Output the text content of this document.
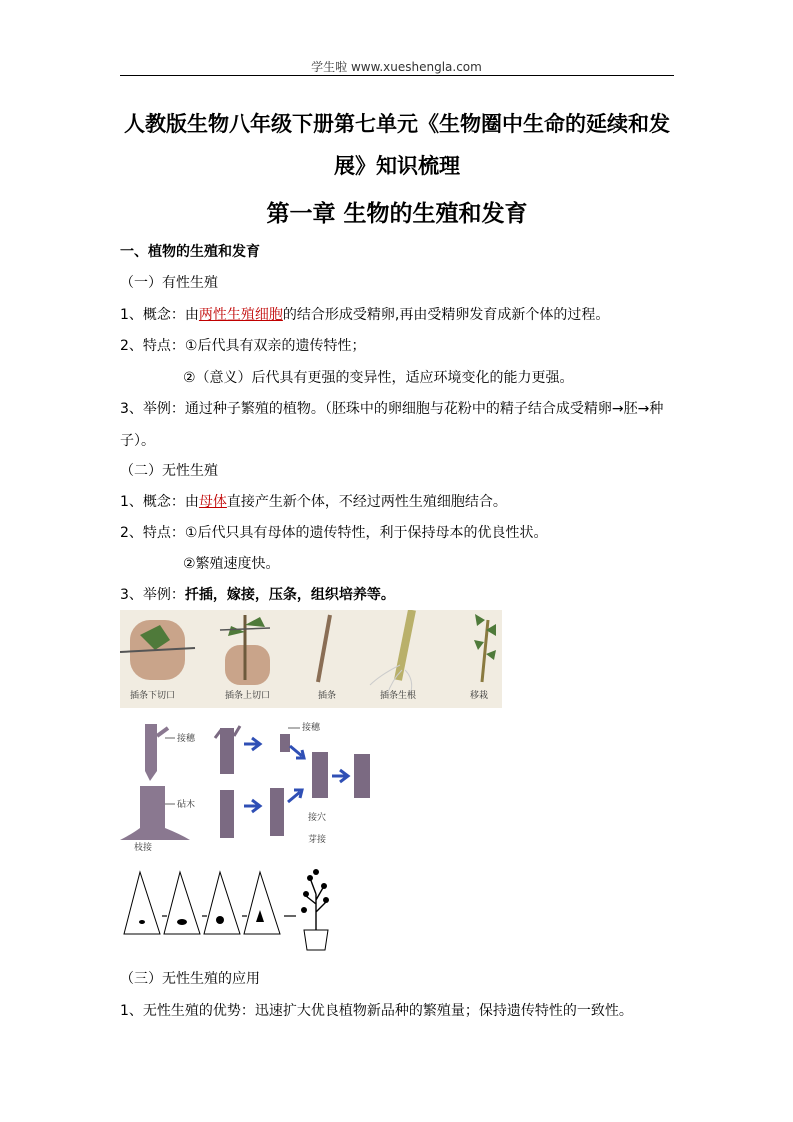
学生啦 www.xueshengla.com
人教版生物八年级下册第七单元《生物圈中生命的延续和发
展》知识梳理
第一章 生物的生殖和发育
一、植物的生殖和发育
（一）有性生殖
1、概念：由两性生殖细胞的结合形成受精卵,再由受精卵发育成新个体的过程。
2、特点：①后代具有双亲的遗传特性；
②（意义）后代具有更强的变异性，适应环境变化的能力更强。
3、举例：通过种子繁殖的植物。（胚珠中的卵细胞与花粉中的精子结合成受精卵→胚→种
子）。
（二）无性生殖
1、概念：由母体直接产生新个体，不经过两性生殖细胞结合。
2、特点：①后代只具有母体的遗传特性，利于保持母本的优良性状。
②繁殖速度快。
3、举例：扦插，嫁接，压条，组织培养等。
插条下切口	插条上切口	插条	插条生根	移栽
接穗
砧木
枝接
接穗
芽接
接穴
（三）无性生殖的应用
1、无性生殖的优势：迅速扩大优良植物新品种的繁殖量；保持遗传特性的一致性。
